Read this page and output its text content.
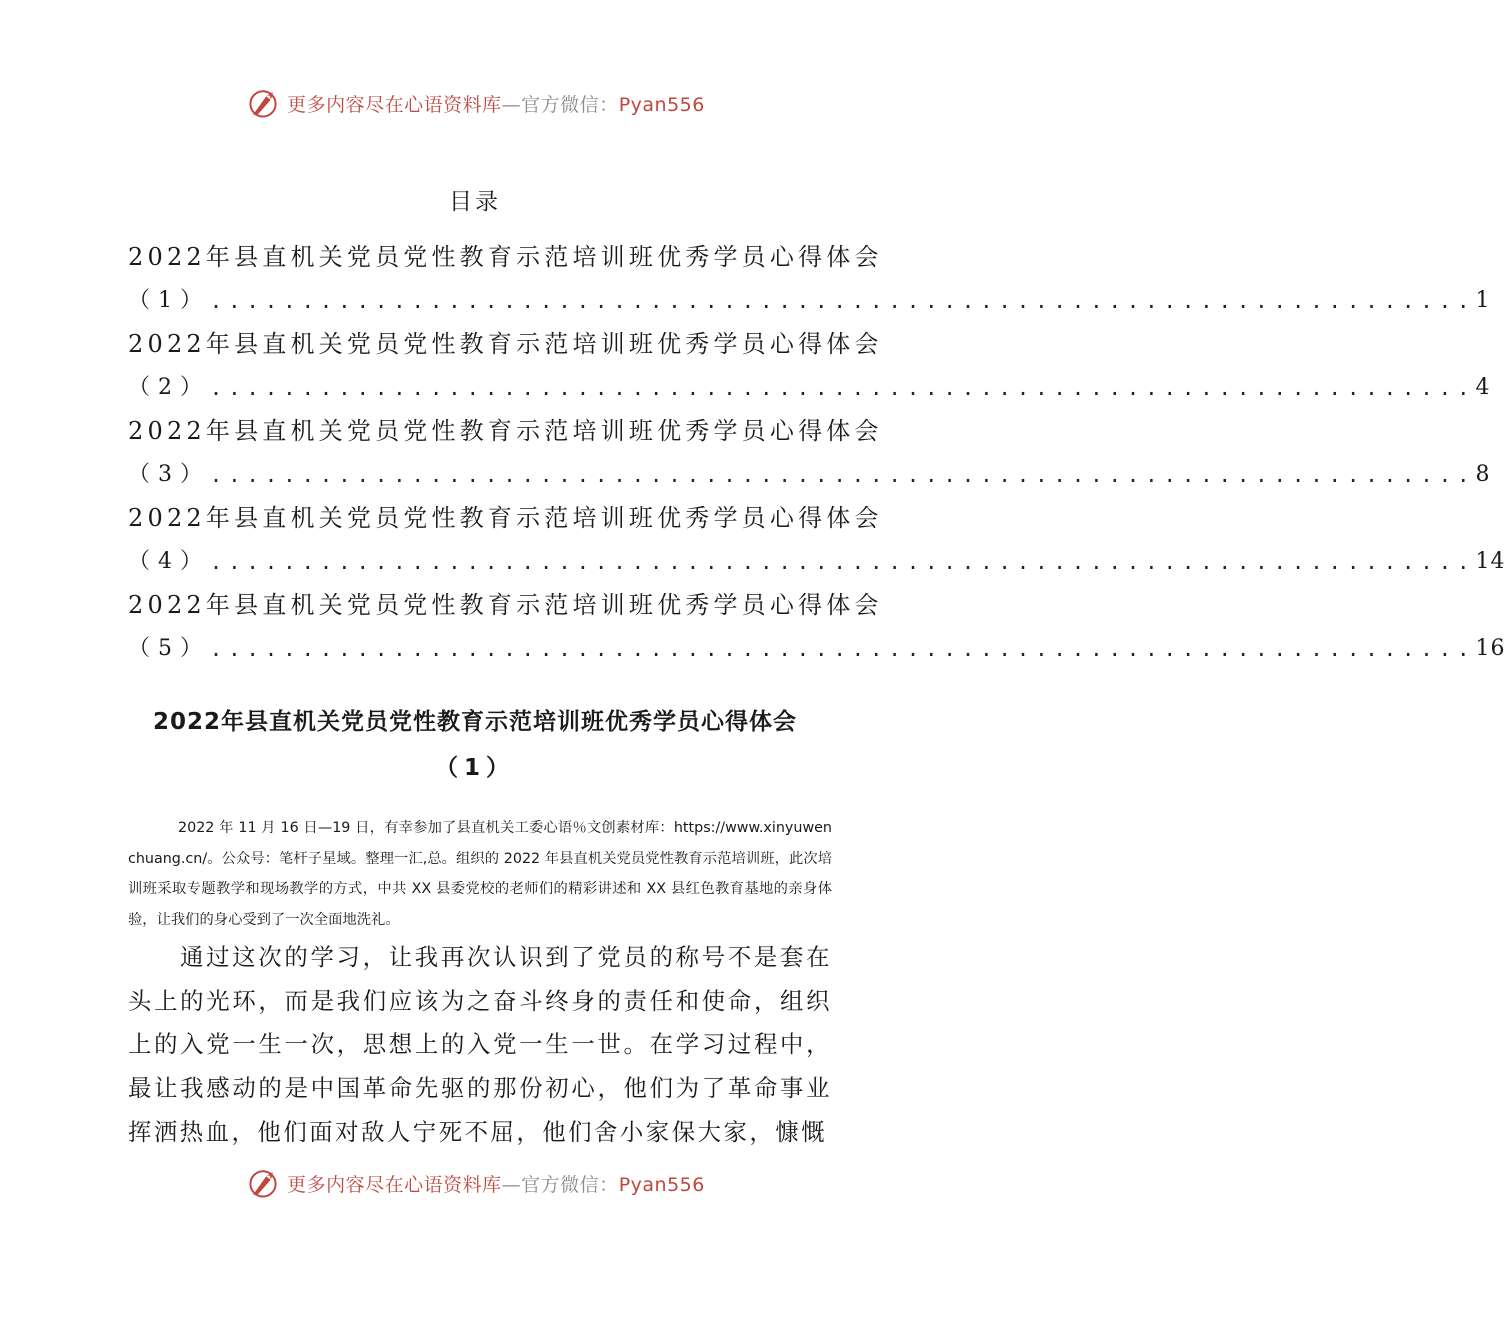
更多内容尽在心语资料库—官方微信：Pyan556
目录
2022年县直机关党员党性教育示范培训班优秀学员心得体会
（1） ..................................................................... 1
2022年县直机关党员党性教育示范培训班优秀学员心得体会
（2） ..................................................................... 4
2022年县直机关党员党性教育示范培训班优秀学员心得体会
（3） ..................................................................... 8
2022年县直机关党员党性教育示范培训班优秀学员心得体会
（4） ..................................................................... 14
2022年县直机关党员党性教育示范培训班优秀学员心得体会
（5） ..................................................................... 16
2022年县直机关党员党性教育示范培训班优秀学员心得体会
（1）

2022 年 11 月 16 日—19 日，有幸参加了县直机关工委心语％文创素材库：https://www.xinyuwenchuang.cn/。公众号：笔杆子星域。整理一汇,总。组织的 2022 年县直机关党员党性教育示范培训班，此次培训班采取专题教学和现场教学的方式，中共 XX 县委党校的老师们的精彩讲述和 XX 县红色教育基地的亲身体验，让我们的身心受到了一次全面地洗礼。

通过这次的学习，让我再次认识到了党员的称号不是套在头上的光环，而是我们应该为之奋斗终身的责任和使命，组织上的入党一生一次，思想上的入党一生一世。在学习过程中，最让我感动的是中国革命先驱的那份初心，他们为了革命事业挥洒热血，他们面对敌人宁死不屈，他们舍小家保大家，慷慨

更多内容尽在心语资料库—官方微信：Pyan556
